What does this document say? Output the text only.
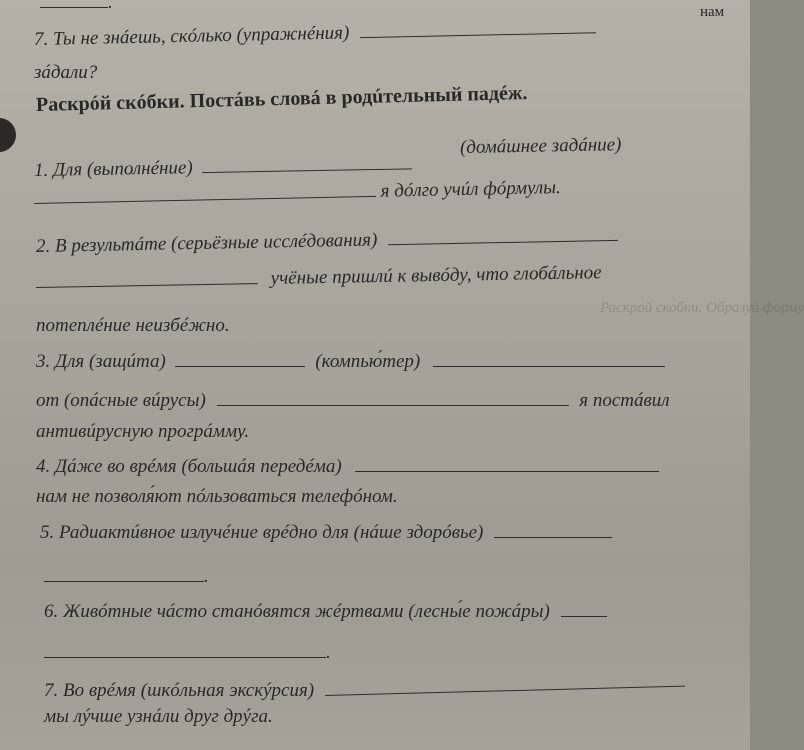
Раскрой скобки. Образуй форму
.	нам
7. Ты не знáешь, скóлько (упражнéния)
зáдали?
Раскрóй скóбки. Постáвь словá в родúтельный падéж.
1. Для (выполнéние)
(домáшнее задáние)
я дóлго учúл фóрмулы.
2. В результáте (серьёзные исслéдования)
учёные пришлú к вывóду, что глобáльное
потеплéние неизбéжно.
3. Для (защúта)	(компью́тер)
от (опáсные вúрусы)	я постáвил
антивúрусную прогрáмму.
4. Дáже во врéмя (большáя передéма)
нам не позволя́ют пóльзоваться телефóном.
5. Радиактúвное излучéние врéдно для (нáше здорóвье)
.
6. Живóтные чáсто станóвятся жéртвами (лесны́е пожáры)
.
7. Во врéмя (шкóльная экскýрсия)
мы лýчше узнáли друг дрýга.
